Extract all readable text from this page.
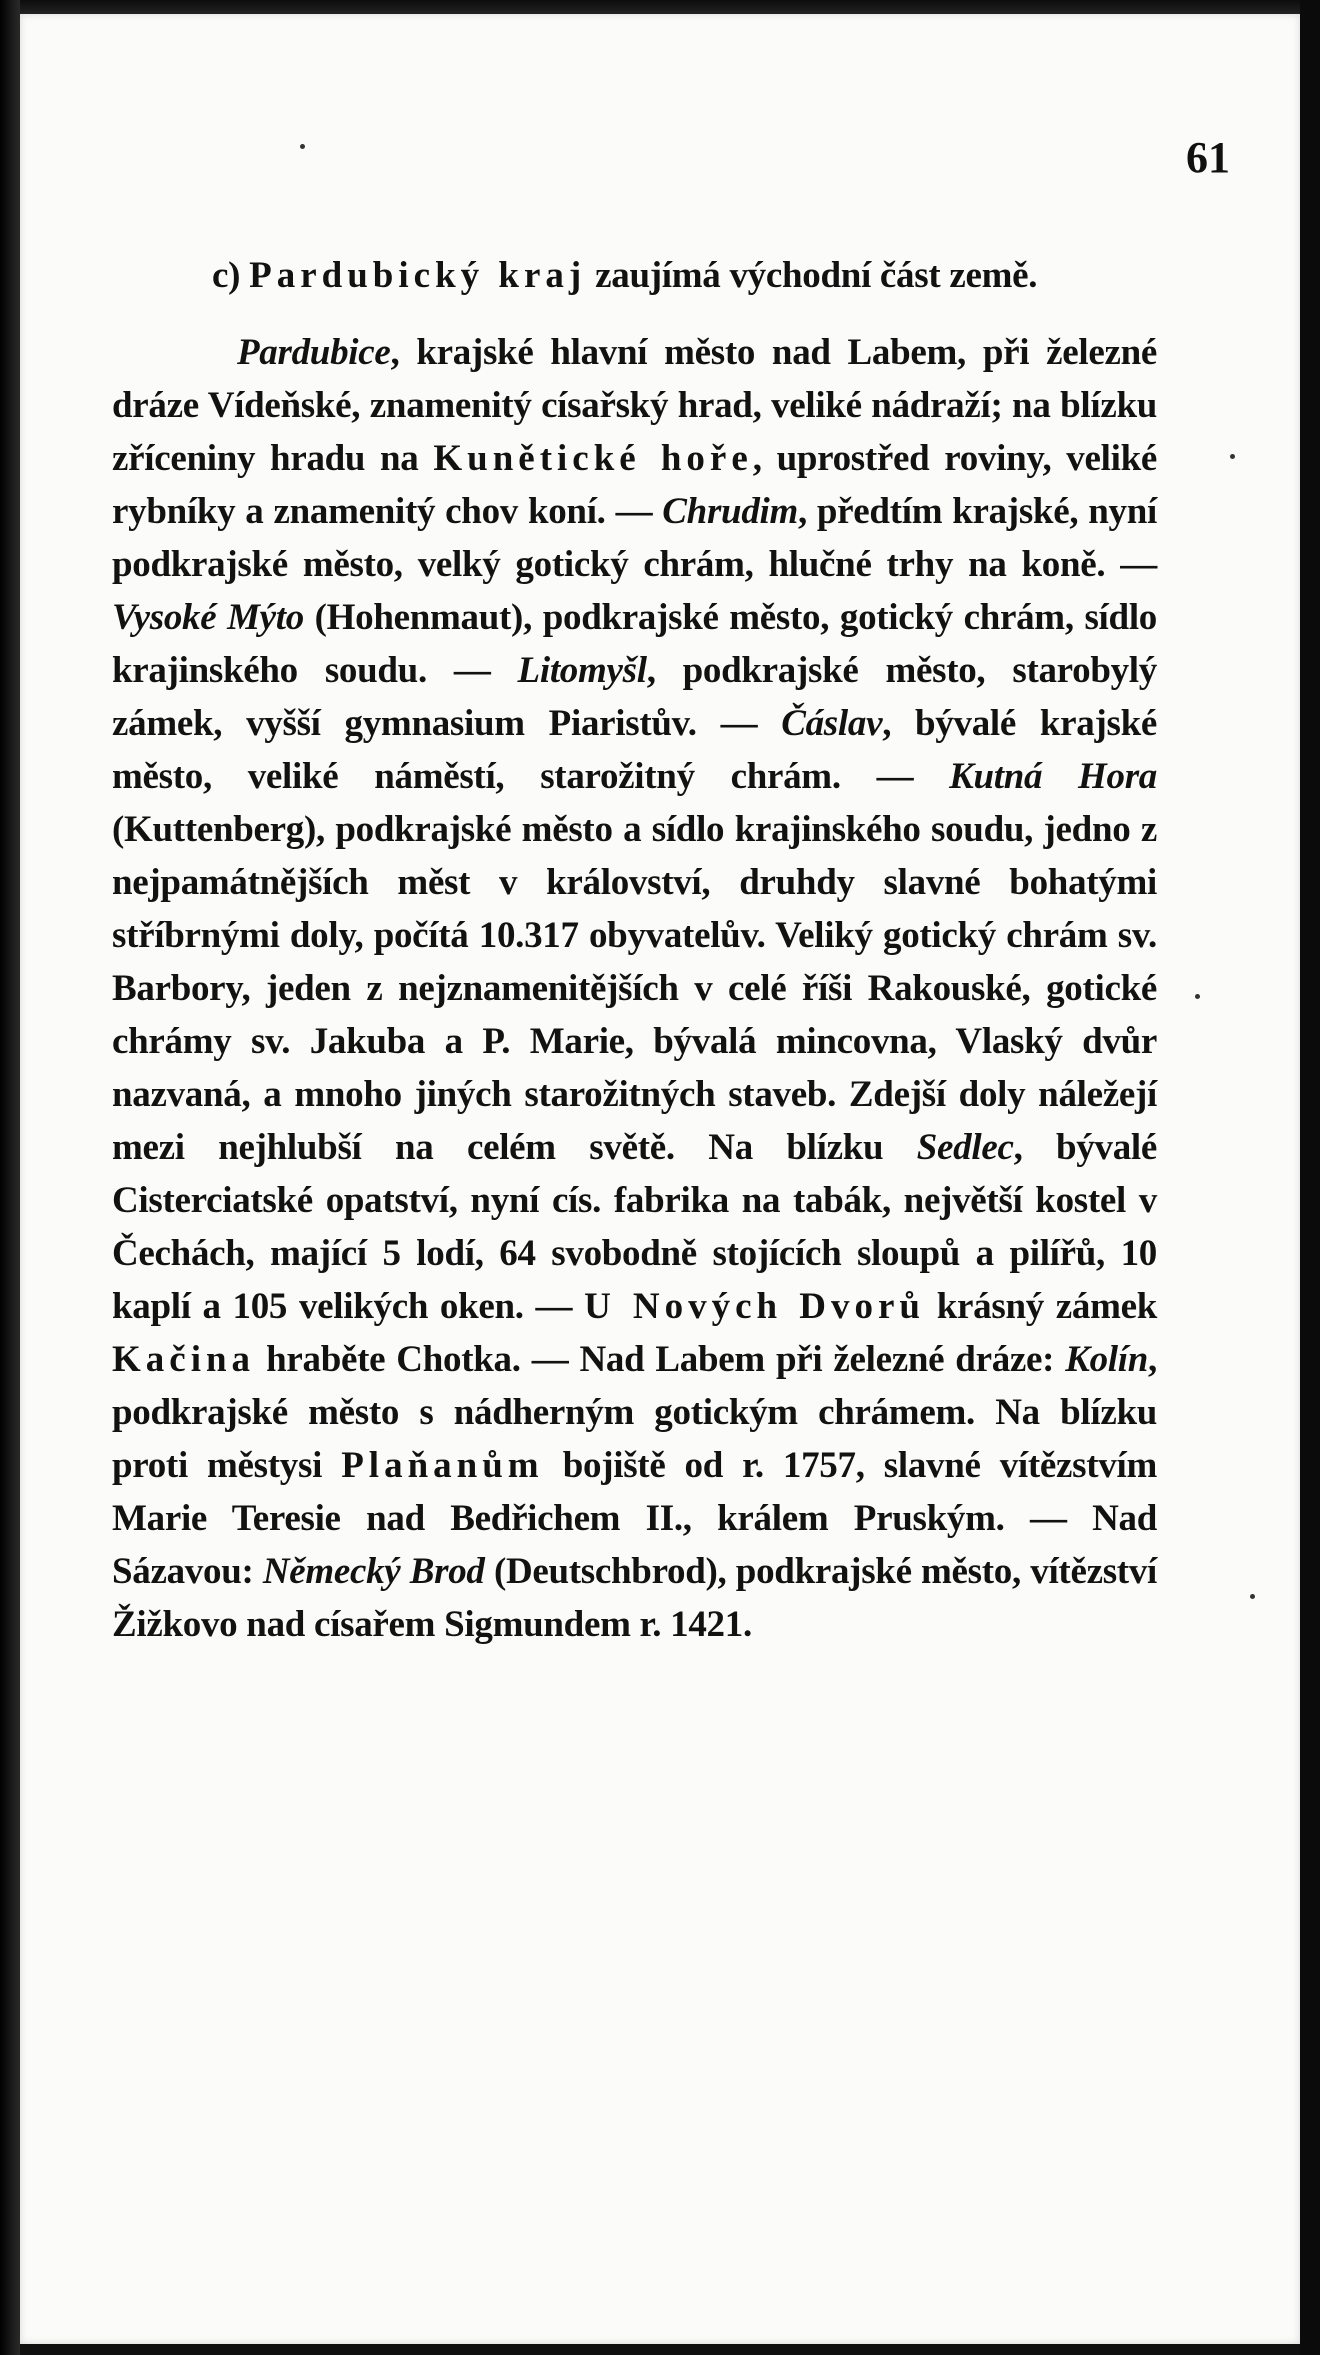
61

c) Pardubický kraj zaujímá východní část země.

Pardubice, krajské hlavní město nad Labem, při železné dráze Vídeňské, znamenitý císařský hrad, veliké nádraží; na blízku zříceniny hradu na Kunětické hoře, uprostřed roviny, veliké rybníky a znamenitý chov koní. — Chrudim, předtím krajské, nyní podkrajské město, velký gotický chrám, hlučné trhy na koně. — Vysoké Mýto (Hohenmaut), podkrajské město, gotický chrám, sídlo krajinského soudu. — Litomyšl, podkrajské město, starobylý zámek, vyšší gymnasium Piaristův. — Čáslav, bývalé krajské město, veliké náměstí, starožitný chrám. — Kutná Hora (Kuttenberg), podkrajské město a sídlo krajinského soudu, jedno z nejpamátnějších měst v království, druhdy slavné bohatými stříbrnými doly, počítá 10.317 obyvatelův. Veliký gotický chrám sv. Barbory, jeden z nejznamenitějších v celé říši Rakouské, gotické chrámy sv. Jakuba a P. Marie, bývalá mincovna, Vlaský dvůr nazvaná, a mnoho jiných starožitných staveb. Zdejší doly náležejí mezi nejhlubší na celém světě. Na blízku Sedlec, bývalé Cisterciatské opatství, nyní cís. fabrika na tabák, největší kostel v Čechách, mající 5 lodí, 64 svobodně stojících sloupů a pilířů, 10 kaplí a 105 velikých oken. — U Nových Dvorů krásný zámek Kačina hraběte Chotka. — Nad Labem při železné dráze: Kolín, podkrajské město s nádherným gotickým chrámem. Na blízku proti městysi Plaňanům bojiště od r. 1757, slavné vítězstvím Marie Teresie nad Bedřichem II., králem Pruským. — Nad Sázavou: Německý Brod (Deutschbrod), podkrajské město, vítězství Žižkovo nad císařem Sigmundem r. 1421.
